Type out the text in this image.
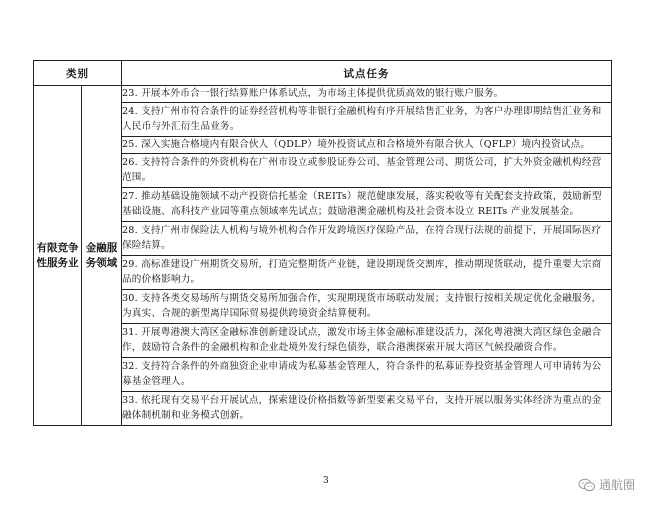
类别		试点任务
有限竞争性服务业	金融服务领域	23. 开展本外币合一银行结算账户体系试点，为市场主体提供优质高效的银行账户服务。
		24. 支持广州市符合条件的证券经营机构等非银行金融机构有序开展结售汇业务，为客户办理即期结售汇业务和人民币与外汇衍生品业务。
		25. 深入实施合格境内有限合伙人（QDLP）境外投资试点和合格境外有限合伙人（QFLP）境内投资试点。
		26. 支持符合条件的外资机构在广州市设立或参股证券公司、基金管理公司、期货公司，扩大外资金融机构经营范围。
		27. 推动基础设施领域不动产投资信托基金（REITs）规范健康发展，落实税收等有关配套支持政策，鼓励新型基础设施、高科技产业园等重点领域率先试点；鼓励港澳金融机构及社会资本设立 REITs 产业发展基金。
		28. 支持广州市保险法人机构与境外机构合作开发跨境医疗保险产品，在符合现行法规的前提下，开展国际医疗保险结算。
		29. 高标准建设广州期货交易所，打造完整期货产业链，建设期现货交割库，推动期现货联动，提升重要大宗商品的价格影响力。
		30. 支持各类交易场所与期货交易所加强合作，实现期现货市场联动发展；支持银行按相关规定优化金融服务，为真实、合规的新型离岸国际贸易提供跨境资金结算便利。
		31. 开展粤港澳大湾区金融标准创新建设试点，激发市场主体金融标准建设活力，深化粤港澳大湾区绿色金融合作，鼓励符合条件的金融机构和企业赴境外发行绿色债券，联合港澳探索开展大湾区气候投融资合作。
		32. 支持符合条件的外商独资企业申请成为私募基金管理人，符合条件的私募证券投资基金管理人可申请转为公募基金管理人。
		33. 依托现有交易平台开展试点，探索建设价格指数等新型要素交易平台，支持开展以服务实体经济为重点的金融体制机制和业务模式创新。
3	通航圈
